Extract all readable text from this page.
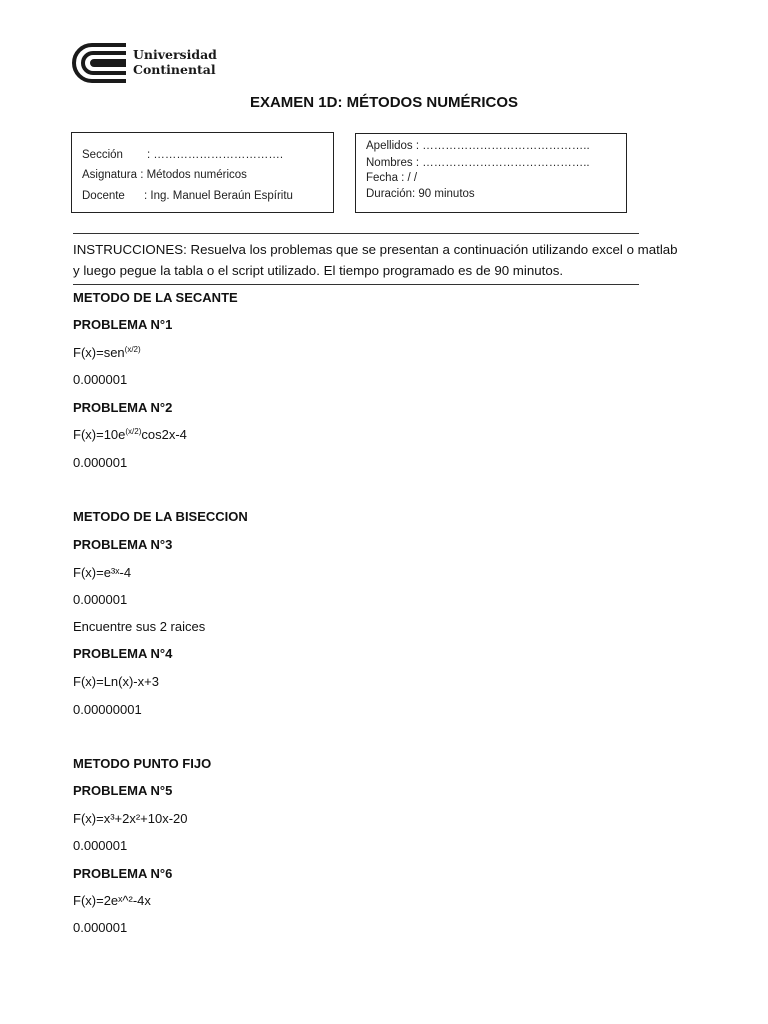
Universidad
Continental
EXAMEN 1D: MÉTODOS NUMÉRICOS
Sección : …………………………….
Asignatura : Métodos numéricos
Docente : Ing. Manuel Beraún Espíritu
Apellidos : ……………………………………..
Nombres : ……………………………………..
Fecha : / /
Duración: 90 minutos
INSTRUCCIONES: Resuelva los problemas que se presentan a continuación utilizando excel o matlab
y luego pegue la tabla o el script utilizado. El tiempo programado es de 90 minutos.
METODO DE LA SECANTE
PROBLEMA N°1
F(x)=sen$^{(x/2)}$
0.000001
PROBLEMA N°2
$F(x)=10e^{(x/2)}\cos 2x-4$
0.000001
METODO DE LA BISECCION
PROBLEMA N°3
F(x)=e³ˣ-4
0.000001
Encuentre sus 2 raices
PROBLEMA N°4
F(x)=Ln(x)-x+3
0.00000001
METODO PUNTO FIJO
PROBLEMA N°5
F(x)=x³+2x²+10x-20
0.000001
PROBLEMA N°6
F(x)=2eˣ^²-4x
0.000001
